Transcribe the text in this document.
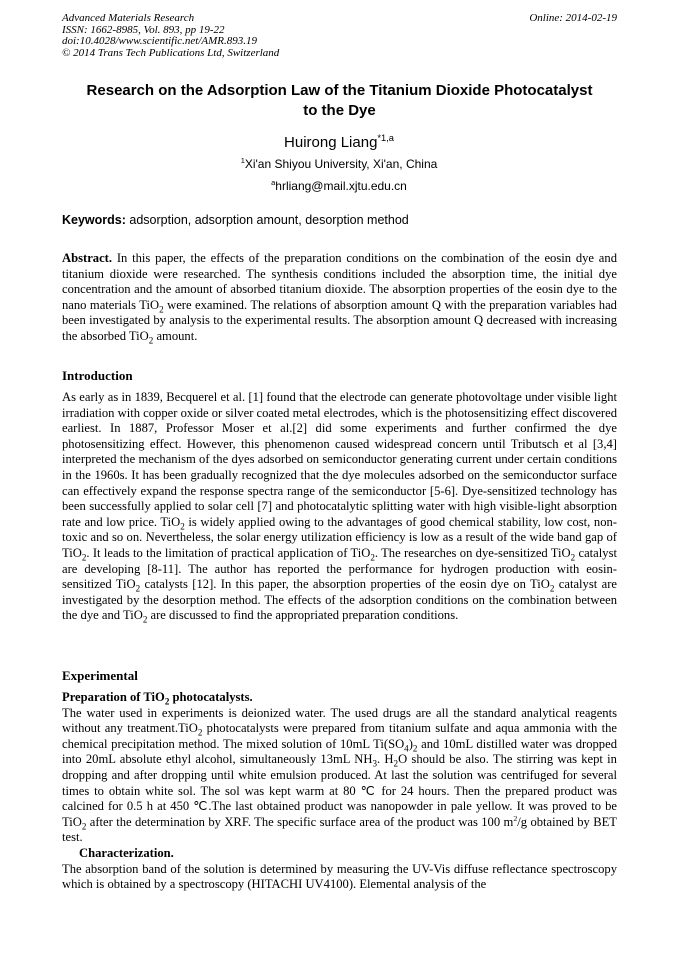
Advanced Materials Research
ISSN: 1662-8985, Vol. 893, pp 19-22
doi:10.4028/www.scientific.net/AMR.893.19
© 2014 Trans Tech Publications Ltd, Switzerland
Online: 2014-02-19
Research on the Adsorption Law of the Titanium Dioxide Photocatalyst
to the Dye
Huirong Liang$^{*1,a}$
$^1$Xi'an Shiyou University, Xi'an, China
$^a$hrliang@mail.xjtu.edu.cn
Keywords: adsorption, adsorption amount, desorption method
Abstract. In this paper, the effects of the preparation conditions on the combination of the eosin dye and titanium dioxide were researched. The synthesis conditions included the absorption time, the initial dye concentration and the amount of absorbed titanium dioxide. The absorption properties of the eosin dye to the nano materials TiO$_2$ were examined. The relations of absorption amount Q with the preparation variables had been investigated by analysis to the experimental results. The absorption amount Q decreased with increasing the absorbed TiO$_2$ amount.
Introduction
As early as in 1839, Becquerel et al. [1] found that the electrode can generate photovoltage under visible light irradiation with copper oxide or silver coated metal electrodes, which is the photosensitizing effect discovered earliest. In 1887, Professor Moser et al.[2] did some experiments and further confirmed the dye photosensitizing effect. However, this phenomenon caused widespread concern until Tributsch et al [3,4] interpreted the mechanism of the dyes adsorbed on semiconductor generating current under certain conditions in the 1960s. It has been gradually recognized that the dye molecules adsorbed on the semiconductor surface can effectively expand the response spectra range of the semiconductor [5-6]. Dye-sensitized technology has been successfully applied to solar cell [7] and photocatalytic splitting water with high visible-light absorption rate and low price. TiO$_2$ is widely applied owing to the advantages of good chemical stability, low cost, non-toxic and so on. Nevertheless, the solar energy utilization efficiency is low as a result of the wide band gap of TiO$_2$. It leads to the limitation of practical application of TiO$_2$. The researches on dye-sensitized TiO$_2$ catalyst are developing [8-11]. The author has reported the performance for hydrogen production with eosin-sensitized TiO$_2$ catalysts [12]. In this paper, the absorption properties of the eosin dye on TiO$_2$ catalyst are investigated by the desorption method. The effects of the adsorption conditions on the combination between the dye and TiO$_2$ are discussed to find the appropriated preparation conditions.
Experimental
Preparation of TiO$_2$ photocatalysts.
The water used in experiments is deionized water. The used drugs are all the standard analytical reagents without any treatment.TiO$_2$ photocatalysts were prepared from titanium sulfate and aqua ammonia with the chemical precipitation method. The mixed solution of 10mL $Ti(SO_4)_2$ and 10mL distilled water was dropped into 20mL absolute ethyl alcohol, simultaneously 13mL $NH_3$. $H_2O$ should be also. The stirring was kept in dropping and after dropping until white emulsion produced. At last the solution was centrifuged for several times to obtain white sol. The sol was kept warm at 80 ℃ for 24 hours. Then the prepared product was calcined for 0.5 h at 450 ℃.The last obtained product was nanopowder in pale yellow. It was proved to be TiO$_2$ after the determination by XRF. The specific surface area of the product was 100 $m^2/g$ obtained by BET test.
Characterization.
The absorption band of the solution is determined by measuring the UV-Vis diffuse reflectance spectroscopy which is obtained by a spectroscopy (HITACHI UV4100). Elemental analysis of the
